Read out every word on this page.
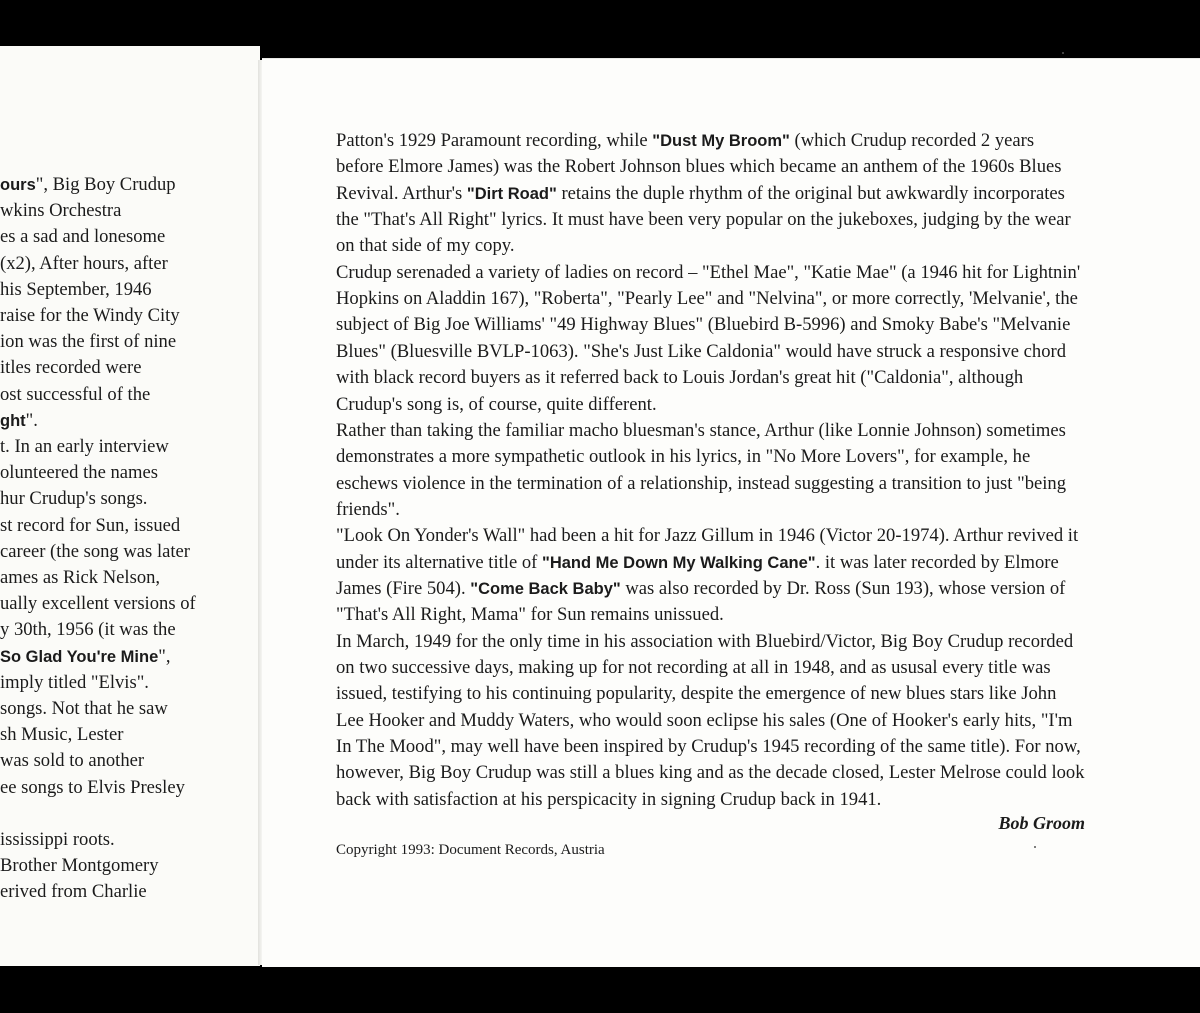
ours", Big Boy Crudup
wkins Orchestra
es a sad and lonesome
(x2), After hours, after
his September, 1946
raise for the Windy City
ion was the first of nine
itles recorded were
ost successful of the
ght".
t. In an early interview
olunteered the names
hur Crudup's songs.
st record for Sun, issued
career (the song was later
ames as Rick Nelson,
ually excellent versions of
y 30th, 1956 (it was the
So Glad You're Mine",
imply titled "Elvis".
songs. Not that he saw
sh Music, Lester
was sold to another
ee songs to Elvis Presley
ississippi roots.
Brother Montgomery
erived from Charlie
Patton's 1929 Paramount recording, while "Dust My Broom" (which Crudup recorded 2 years
before Elmore James) was the Robert Johnson blues which became an anthem of the 1960s Blues
Revival. Arthur's "Dirt Road" retains the duple rhythm of the original but awkwardly incorporates
the "That's All Right" lyrics. It must have been very popular on the jukeboxes, judging by the wear
on that side of my copy.
Crudup serenaded a variety of ladies on record – "Ethel Mae", "Katie Mae" (a 1946 hit for Lightnin'
Hopkins on Aladdin 167), "Roberta", "Pearly Lee" and "Nelvina", or more correctly, 'Melvanie', the
subject of Big Joe Williams' "49 Highway Blues" (Bluebird B-5996) and Smoky Babe's "Melvanie
Blues" (Bluesville BVLP-1063). "She's Just Like Caldonia" would have struck a responsive chord
with black record buyers as it referred back to Louis Jordan's great hit ("Caldonia", although
Crudup's song is, of course, quite different.
Rather than taking the familiar macho bluesman's stance, Arthur (like Lonnie Johnson) sometimes
demonstrates a more sympathetic outlook in his lyrics, in "No More Lovers", for example, he
eschews violence in the termination of a relationship, instead suggesting a transition to just "being
friends".
"Look On Yonder's Wall" had been a hit for Jazz Gillum in 1946 (Victor 20-1974). Arthur revived it
under its alternative title of "Hand Me Down My Walking Cane". it was later recorded by Elmore
James (Fire 504). "Come Back Baby" was also recorded by Dr. Ross (Sun 193), whose version of
"That's All Right, Mama" for Sun remains unissued.
In March, 1949 for the only time in his association with Bluebird/Victor, Big Boy Crudup recorded
on two successive days, making up for not recording at all in 1948, and as ususal every title was
issued, testifying to his continuing popularity, despite the emergence of new blues stars like John
Lee Hooker and Muddy Waters, who would soon eclipse his sales (One of Hooker's early hits, "I'm
In The Mood", may well have been inspired by Crudup's 1945 recording of the same title). For now,
however, Big Boy Crudup was still a blues king and as the decade closed, Lester Melrose could look
back with satisfaction at his perspicacity in signing Crudup back in 1941.
Bob Groom
Copyright 1993: Document Records, Austria
